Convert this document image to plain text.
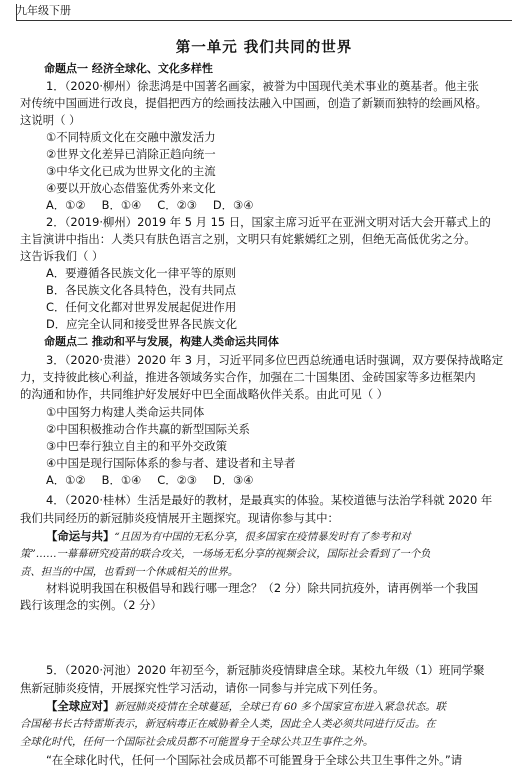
九年级下册
第一单元 我们共同的世界
命题点一 经济全球化、文化多样性
1．（2020·柳州）徐悲鸿是中国著名画家，被誉为中国现代美术事业的奠基者。他主张
对传统中国画进行改良，提倡把西方的绘画技法融入中国画，创造了新颖而独特的绘画风格。
这说明（ ）
①不同特质文化在交融中激发活力
②世界文化差异已消除正趋向统一
③中华文化已成为世界文化的主流
④要以开放心态借鉴优秀外来文化
A．①② B．①④ C．②③ D．③④
2．（2019·柳州）2019 年 5 月 15 日，国家主席习近平在亚洲文明对话大会开幕式上的
主旨演讲中指出：人类只有肤色语言之别，文明只有姹紫嫣红之别，但绝无高低优劣之分。
这告诉我们（ ）
A．要遵循各民族文化一律平等的原则
B．各民族文化各具特色，没有共同点
C．任何文化都对世界发展起促进作用
D．应完全认同和接受世界各民族文化
命题点二 推动和平与发展，构建人类命运共同体
3．（2020·贵港）2020 年 3 月，习近平同多位巴西总统通电话时强调，双方要保持战略定
力，支持彼此核心利益，推进各领域务实合作，加强在二十国集团、金砖国家等多边框架内
的沟通和协作，共同维护好发展好中巴全面战略伙伴关系。由此可见（ ）
①中国努力构建人类命运共同体
②中国积极推动合作共赢的新型国际关系
③中巴奉行独立自主的和平外交政策
④中国是现行国际体系的参与者、建设者和主导者
A．①② B．①④ C．②③ D．③④
4．（2020·桂林）生活是最好的教材，是最真实的体验。某校道德与法治学科就 2020 年
我们共同经历的新冠肺炎疫情展开主题探究。现请你参与其中：
【命运与共】“且因为有中国的无私分享，很多国家在疫情暴发时有了参考和对
策”……一幕幕研究疫苗的联合攻关，一场场无私分享的视频会议，国际社会看到了一个负
责、担当的中国，也看到一个休戚相关的世界。
材料说明我国在积极倡导和践行哪一理念？（2 分）除共同抗疫外，请再例举一个我国
践行该理念的实例。（2 分）
5．（2020·河池）2020 年初至今，新冠肺炎疫情肆虐全球。某校九年级（1）班同学聚
焦新冠肺炎疫情，开展探究性学习活动，请你一同参与并完成下列任务。
【全球应对】新冠肺炎疫情在全球蔓延，全球已有 60 多个国家宣布进入紧急状态。联
合国秘书长古特雷斯表示，新冠病毒正在威胁着全人类，因此全人类必须共同进行反击。在
全球化时代，任何一个国际社会成员都不可能置身于全球公共卫生事件之外。
“在全球化时代，任何一个国际社会成员都不可能置身于全球公共卫生事件之外。”请
